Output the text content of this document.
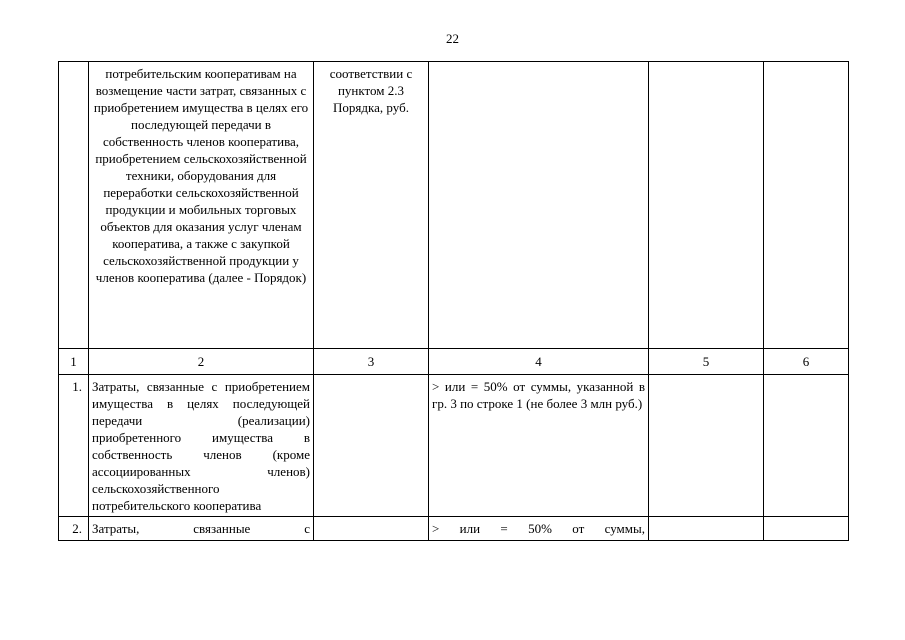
22
	потребительским кооперативам на возмещение части затрат, связанных с приобретением имущества в целях его последующей передачи в собственность членов кооператива, приобретением сельскохозяйственной техники, оборудования для переработки сельскохозяйственной продукции и мобильных торговых объектов для оказания услуг членам кооператива, а также с закупкой сельскохозяйственной продукции у членов кооператива (далее - Порядок)	соответствии с пунктом 2.3 Порядка, руб.			
1	2	3	4	5	6
1.	Затраты, связанные с приобретением имущества в целях последующей передачи (реализации) приобретенного имущества в собственность членов (кроме ассоциированных членов) сельскохозяйственного потребительского кооператива		> или = 50% от суммы, указанной в гр. 3 по строке 1 (не более 3 млн руб.)		
2.	Затраты, связанные с		> или = 50% от суммы,		
